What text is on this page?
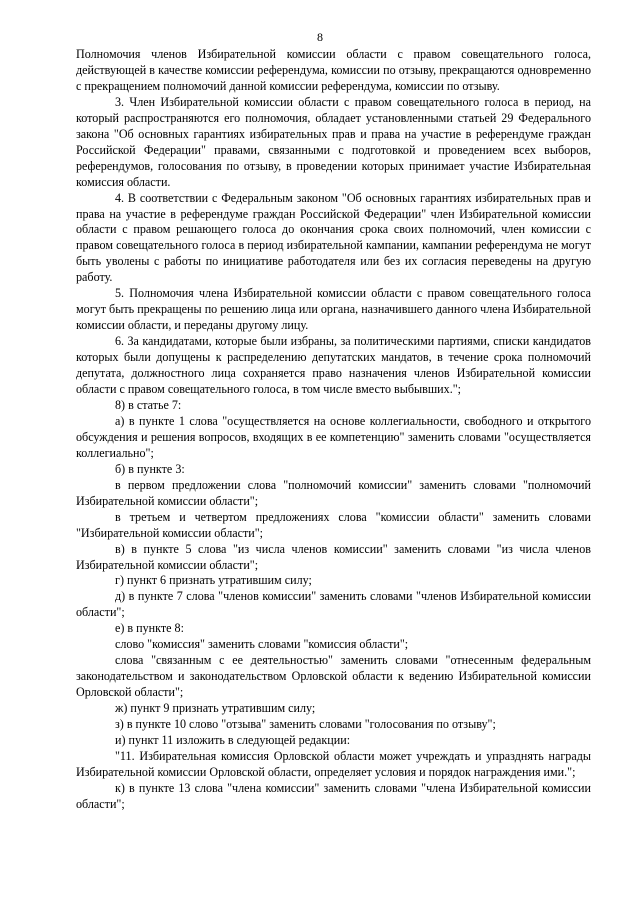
8

Полномочия членов Избирательной комиссии области с правом совещательного голоса, действующей в качестве комиссии референдума, комиссии по отзыву, прекращаются одновременно с прекращением полномочий данной комиссии референдума, комиссии по отзыву.

3. Член Избирательной комиссии области с правом совещательного голоса в период, на который распространяются его полномочия, обладает установленными статьей 29 Федерального закона "Об основных гарантиях избирательных прав и права на участие в референдуме граждан Российской Федерации" правами, связанными с подготовкой и проведением всех выборов, референдумов, голосования по отзыву, в проведении которых принимает участие Избирательная комиссия области.

4. В соответствии с Федеральным законом "Об основных гарантиях избирательных прав и права на участие в референдуме граждан Российской Федерации" член Избирательной комиссии области с правом решающего голоса до окончания срока своих полномочий, член комиссии с правом совещательного голоса в период избирательной кампании, кампании референдума не могут быть уволены с работы по инициативе работодателя или без их согласия переведены на другую работу.

5. Полномочия члена Избирательной комиссии области с правом совещательного голоса могут быть прекращены по решению лица или органа, назначившего данного члена Избирательной комиссии области, и переданы другому лицу.

6. За кандидатами, которые были избраны, за политическими партиями, списки кандидатов которых были допущены к распределению депутатских мандатов, в течение срока полномочий депутата, должностного лица сохраняется право назначения членов Избирательной комиссии области с правом совещательного голоса, в том числе вместо выбывших.";

8) в статье 7:

а) в пункте 1 слова "осуществляется на основе коллегиальности, свободного и открытого обсуждения и решения вопросов, входящих в ее компетенцию" заменить словами "осуществляется коллегиально";

б) в пункте 3:

в первом предложении слова "полномочий комиссии" заменить словами "полномочий Избирательной комиссии области";

в третьем и четвертом предложениях слова "комиссии области" заменить словами "Избирательной комиссии области";

в) в пункте 5 слова "из числа членов комиссии" заменить словами "из числа членов Избирательной комиссии области";

г) пункт 6 признать утратившим силу;

д) в пункте 7 слова "членов комиссии" заменить словами "членов Избирательной комиссии области";

е) в пункте 8:

слово "комиссия" заменить словами "комиссия области";

слова "связанным с ее деятельностью" заменить словами "отнесенным федеральным законодательством и законодательством Орловской области к ведению Избирательной комиссии Орловской области";

ж) пункт 9 признать утратившим силу;

з) в пункте 10 слово "отзыва" заменить словами "голосования по отзыву";

и) пункт 11 изложить в следующей редакции:

"11. Избирательная комиссия Орловской области может учреждать и упразднять награды Избирательной комиссии Орловской области, определяет условия и порядок награждения ими.";

к) в пункте 13 слова "члена комиссии" заменить словами "члена Избирательной комиссии области";
